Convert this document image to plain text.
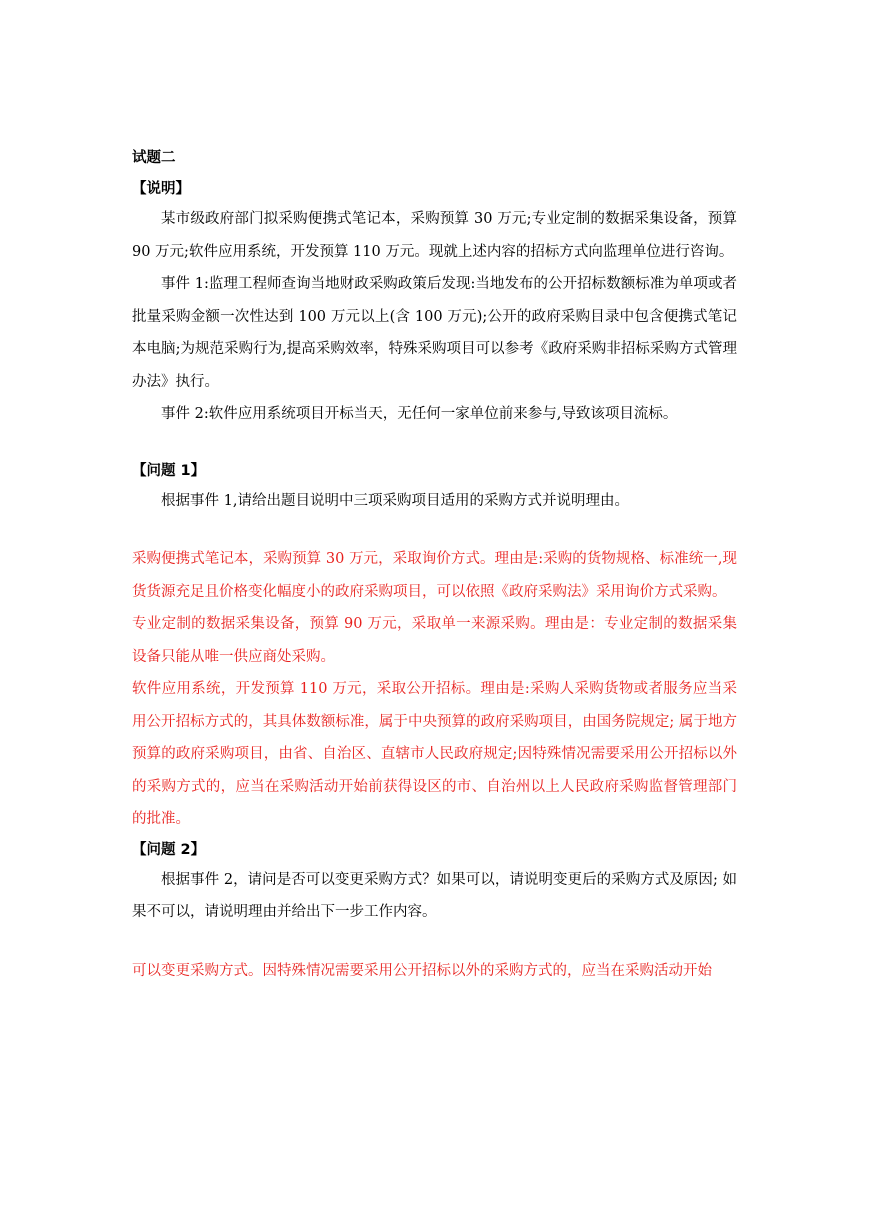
试题二
【说明】

某市级政府部门拟采购便携式笔记本，采购预算 30 万元;专业定制的数据采集设备，预算 90 万元;软件应用系统，开发预算 110 万元。现就上述内容的招标方式向监理单位进行咨询。

事件 1:监理工程师查询当地财政采购政策后发现:当地发布的公开招标数额标准为单项或者批量采购金额一次性达到 100 万元以上(含 100 万元);公开的政府采购目录中包含便携式笔记本电脑;为规范采购行为,提高采购效率，特殊采购项目可以参考《政府采购非招标采购方式管理办法》执行。

事件 2:软件应用系统项目开标当天，无任何一家单位前来参与,导致该项目流标。

【问题 1】

根据事件 1,请给出题目说明中三项采购项目适用的采购方式并说明理由。

采购便携式笔记本，采购预算 30 万元，采取询价方式。理由是:采购的货物规格、标准统一,现货货源充足且价格变化幅度小的政府采购项目，可以依照《政府采购法》采用询价方式采购。

专业定制的数据采集设备，预算 90 万元，采取单一来源采购。理由是：专业定制的数据采集设备只能从唯一供应商处采购。

软件应用系统，开发预算 110 万元，采取公开招标。理由是:采购人采购货物或者服务应当采用公开招标方式的，其具体数额标准，属于中央预算的政府采购项目，由国务院规定; 属于地方预算的政府采购项目，由省、自治区、直辖市人民政府规定;因特殊情况需要采用公开招标以外的采购方式的，应当在采购活动开始前获得设区的市、自治州以上人民政府采购监督管理部门的批准。

【问题 2】

根据事件 2，请问是否可以变更采购方式？如果可以，请说明变更后的采购方式及原因; 如果不可以，请说明理由并给出下一步工作内容。

可以变更采购方式。因特殊情况需要采用公开招标以外的采购方式的，应当在采购活动开始
